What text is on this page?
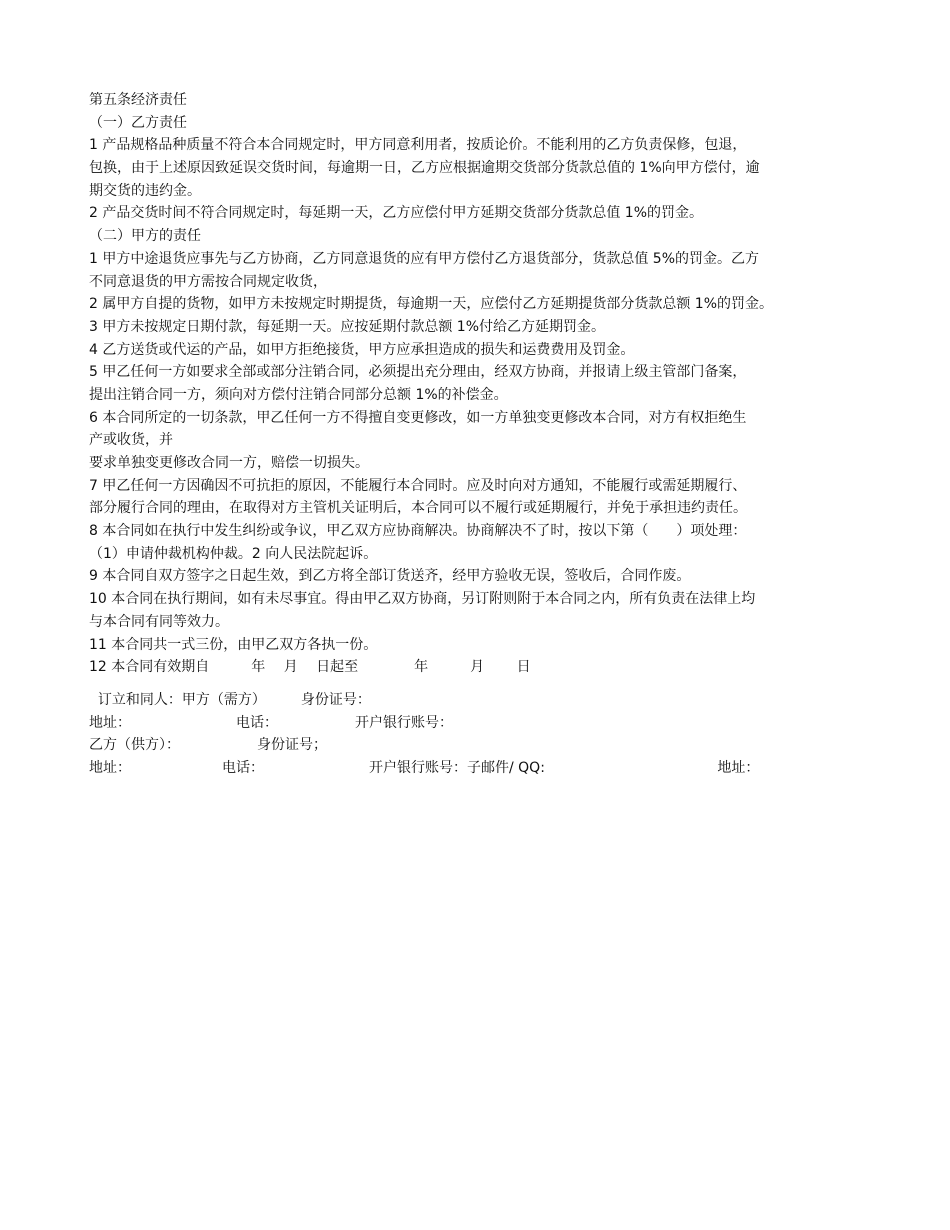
第五条经济责任
（一）乙方责任
1 产品规格品种质量不符合本合同规定时，甲方同意利用者，按质论价。不能利用的乙方负责保修，包退，
包换，由于上述原因致延误交货时间，每逾期一日，乙方应根据逾期交货部分货款总值的 1%向甲方偿付，逾
期交货的违约金。
2 产品交货时间不符合同规定时，每延期一天，乙方应偿付甲方延期交货部分货款总值 1%的罚金。
（二）甲方的责任
1 甲方中途退货应事先与乙方协商，乙方同意退货的应有甲方偿付乙方退货部分，货款总值 5%的罚金。乙方
不同意退货的甲方需按合同规定收货，
2 属甲方自提的货物，如甲方未按规定时期提货，每逾期一天，应偿付乙方延期提货部分货款总额 1%的罚金。
3 甲方未按规定日期付款，每延期一天。应按延期付款总额 1%付给乙方延期罚金。
4 乙方送货或代运的产品，如甲方拒绝接货，甲方应承担造成的损失和运费费用及罚金。
5 甲乙任何一方如要求全部或部分注销合同，必须提出充分理由，经双方协商，并报请上级主管部门备案，
提出注销合同一方，须向对方偿付注销合同部分总额 1%的补偿金。
6 本合同所定的一切条款，甲乙任何一方不得擅自变更修改，如一方单独变更修改本合同，对方有权拒绝生
产或收货，并
要求单独变更修改合同一方，赔偿一切损失。
7 甲乙任何一方因确因不可抗拒的原因，不能履行本合同时。应及时向对方通知，不能履行或需延期履行、
部分履行合同的理由，在取得对方主管机关证明后，本合同可以不履行或延期履行，并免于承担违约责任。
8 本合同如在执行中发生纠纷或争议，甲乙双方应协商解决。协商解决不了时，按以下第（　　）项处理：
（1）申请仲裁机构仲裁。2 向人民法院起诉。
9 本合同自双方签字之日起生效，到乙方将全部订货送齐，经甲方验收无误，签收后，合同作废。
10 本合同在执行期间，如有未尽事宜。得由甲乙双方协商，另订附则附于本合同之内，所有负责在法律上均
与本合同有同等效力。
11 本合同共一式三份，由甲乙双方各执一份。
12 本合同有效期自　　　年　 月　 日起至　　　　年　　　月　　 日
订立和同人：甲方（需方）　　　身份证号：
地址：　　　　　　　　电话：　　　　　　开户银行账号：
乙方（供方）：　　　　　　身份证号；
地址：　　　　　　　电话：　　　　　　　　开户银行账号：子邮件/ QQ:　　　　　　　　　　　　 地址：
